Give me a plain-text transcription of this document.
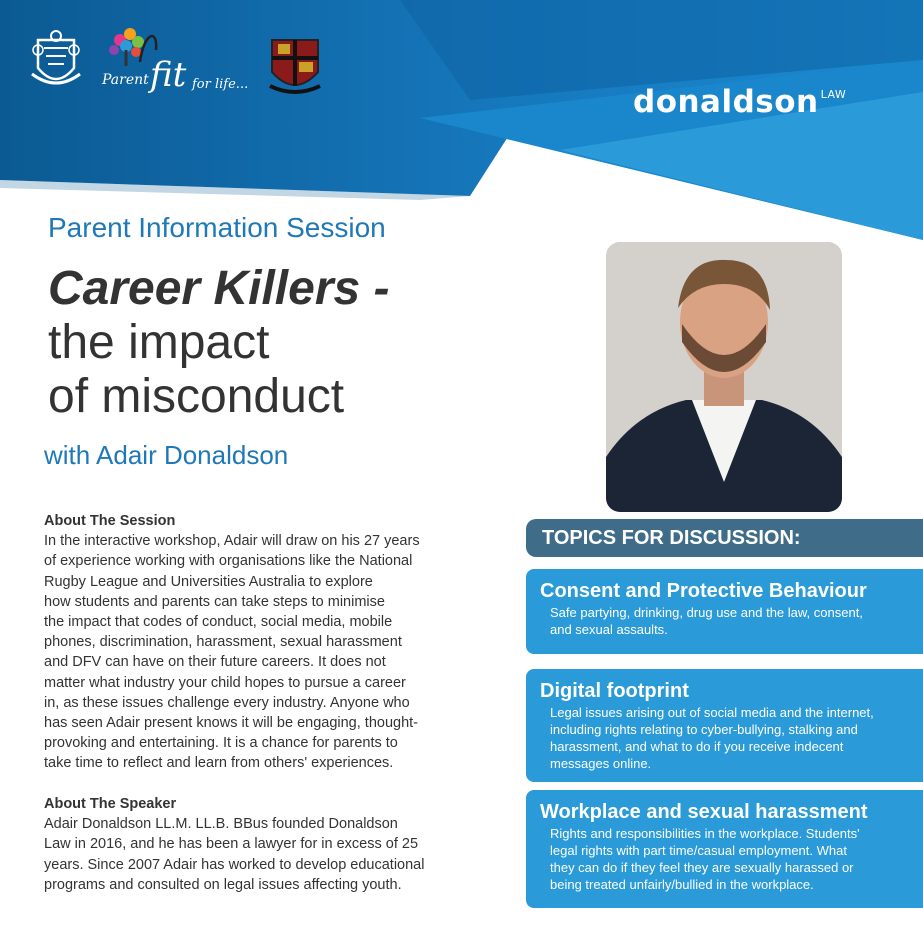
Parent fit for life...	donaldson $^{LAW}$
Parent Information Session
Career Killers -
the impact
of misconduct
with Adair Donaldson
About The Session
In the interactive workshop, Adair will draw on his 27 years
of experience working with organisations like the National
Rugby League and Universities Australia to explore
how students and parents can take steps to minimise
the impact that codes of conduct, social media, mobile
phones, discrimination, harassment, sexual harassment
and DFV can have on their future careers. It does not
matter what industry your child hopes to pursue a career
in, as these issues challenge every industry. Anyone who
has seen Adair present knows it will be engaging, thought-
provoking and entertaining. It is a chance for parents to
take time to reflect and learn from others' experiences.
About The Speaker
Adair Donaldson LL.M. LL.B. BBus founded Donaldson
Law in 2016, and he has been a lawyer for in excess of 25
years. Since 2007 Adair has worked to develop educational
programs and consulted on legal issues affecting youth.
TOPICS FOR DISCUSSION:
Consent and Protective Behaviour
Safe partying, drinking, drug use and the law, consent,
and sexual assaults.
Digital footprint
Legal issues arising out of social media and the internet,
including rights relating to cyber-bullying, stalking and
harassment, and what to do if you receive indecent
messages online.
Workplace and sexual harassment
Rights and responsibilities in the workplace. Students'
legal rights with part time/casual employment. What
they can do if they feel they are sexually harassed or
being treated unfairly/bullied in the workplace.
